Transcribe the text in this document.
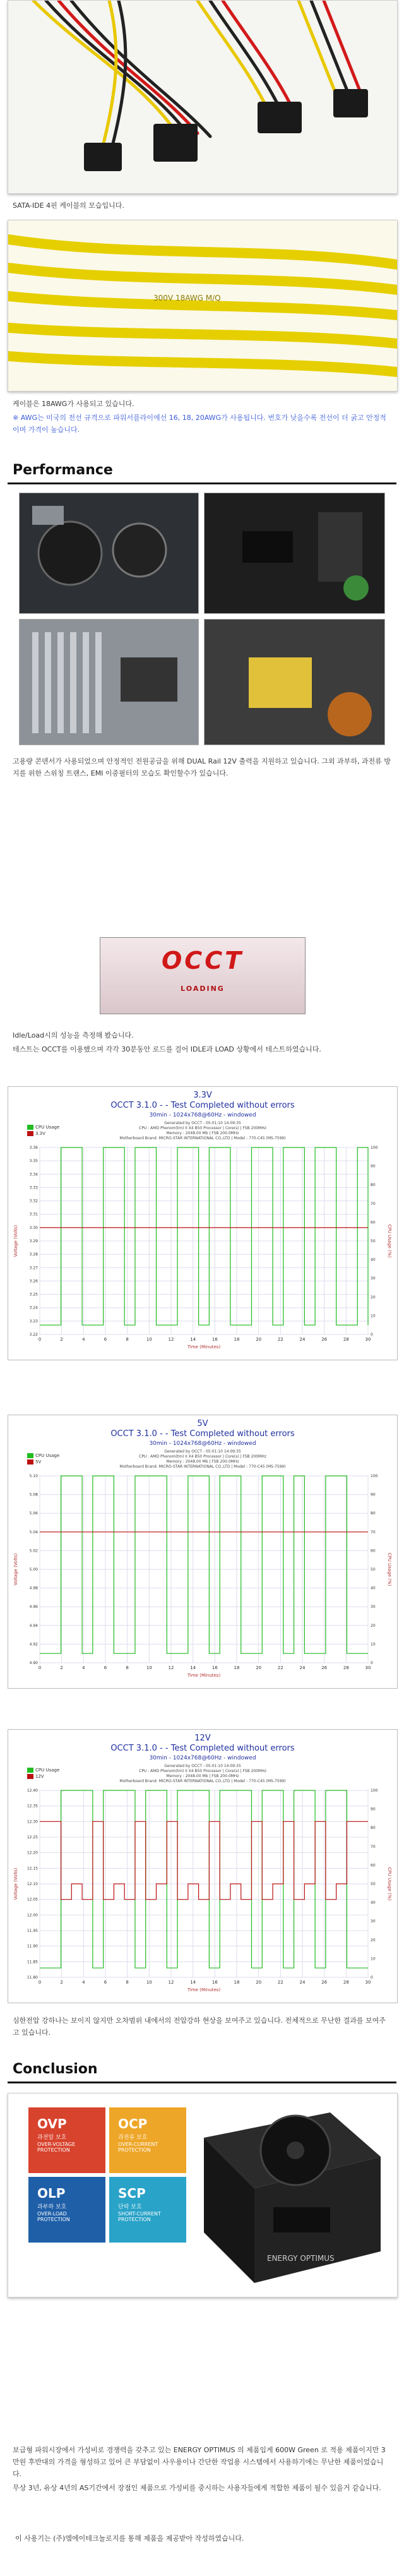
SATA-IDE 4핀 케이블의 모습입니다.
300V 18AWG M/Q
케이블은 18AWG가 사용되고 있습니다.
※ AWG는 미국의 전선 규격으로 파워서플라이에선 16, 18, 20AWG가 사용됩니다. 번호가 낮을수록 전선이 더 굵고 안정적이며 가격이 높습니다.
Performance
고용량 콘덴서가 사용되었으며 안정적인 전원공급을 위해 DUAL Rail 12V 출력을 지원하고 있습니다. 그외 과부하, 과전류 방지를 위한 스위칭 트랜스, EMI 이중필터의 모습도 확인할수가 있습니다.
OCCT
LOADING
Idle/Load시의 성능을 측정해 봤습니다.
테스트는 OCCT를 이용했으며 각각 30분동안 로드를 걸어 IDLE과 LOAD 상황에서 테스트하였습니다.
3.3V
OCCT 3.1.0 - - Test Completed without errors
30min - 1024x768@60Hz - windowed
Generated by OCCT - 05:01:10 14:09:35
CPU : AMD Phenom(tm) II X4 B50 Processor | Core(s) | FSB 200MHz
Memory : 2048.00 Mb | FSB 200.0MHz
Motherboard Brand: MICRO-STAR INTERNATIONAL CO.,LTD | Model : 770-C45 (MS-7599)
CPU Usage
3.3V
0	2	4	6	8	10	12	14	16	18	20	22	24	26	28	30
3.36
3.35
3.34
3.33
3.32
3.31
3.30
3.29
3.28
3.27
3.26
3.25
3.24
3.23
3.22
100
90
80
70
60
50
40
30
20
10
0
Time (Minutes)
Voltage (Volts)	CPU Usage (%)
5V
OCCT 3.1.0 - - Test Completed without errors
30min - 1024x768@60Hz - windowed
Generated by OCCT - 05:01:10 14:09:35
CPU : AMD Phenom(tm) II X4 B50 Processor | Core(s) | FSB 200MHz
Memory : 2048.00 Mb | FSB 200.0MHz
Motherboard Brand: MICRO-STAR INTERNATIONAL CO.,LTD | Model : 770-C45 (MS-7599)
CPU Usage
5V
0	2	4	6	8	10	12	14	16	18	20	22	24	26	28	30
5.10
5.08
5.06
5.04
5.02
5.00
4.98
4.96
4.94
4.92
4.90
100
90
80
70
60
50
40
30
20
10
0
Time (Minutes)
Voltage (Volts)	CPU Usage (%)
12V
OCCT 3.1.0 - - Test Completed without errors
30min - 1024x768@60Hz - windowed
Generated by OCCT - 05:01:10 14:09:35
CPU : AMD Phenom(tm) II X4 B50 Processor | Core(s) | FSB 200MHz
Memory : 2048.00 Mb | FSB 200.0MHz
Motherboard Brand: MICRO-STAR INTERNATIONAL CO.,LTD | Model : 770-C45 (MS-7599)
CPU Usage
12V
0	2	4	6	8	10	12	14	16	18	20	22	24	26	28	30
12.40
12.35
12.30
12.25
12.20
12.15
12.10
12.05
12.00
11.95
11.90
11.85
11.80
100
90
80
70
60
50
40
30
20
10
0
Time (Minutes)
Voltage (Volts)	CPU Usage (%)
심한전압 강하나는 보이지 않지만 오차범위 내에서의 전압강하 현상을 보여주고 있습니다. 전체적으로 무난한 결과를 보여주고 있습니다.
Conclusion
OVP
과전압 보호
OVER-VOLTAGE PROTECTION
OCP
과전류 보호
OVER-CURRENT PROTECTION
OLP
과부하 보호
OVER-LOAD PROTECTION
SCP
단락 보호
SHORT-CURRENT PROTECTION
ENERGY OPTIMUS
보급형 파워시장에서 가성비로 경쟁력을 갖추고 있는 ENERGY OPTIMUS 의 제품입게 600W Green 로 적용 제품이지만 3만원 후반대의 가격을 형성하고 있어 큰 부담없이 사우용이나 간단한 작업용 시스템에서 사용하기에는 무난한 제품이었습니다.
무상 3년, 유상 4년의 AS기간에서 장점인 제품으로 가성비를 중시하는 사용자들에게 적합한 제품이 될수 있을거 같습니다.
이 사용기는 (주)엠에이테크놀로지를 통해 제품을 제공받아 작성하였습니다.
